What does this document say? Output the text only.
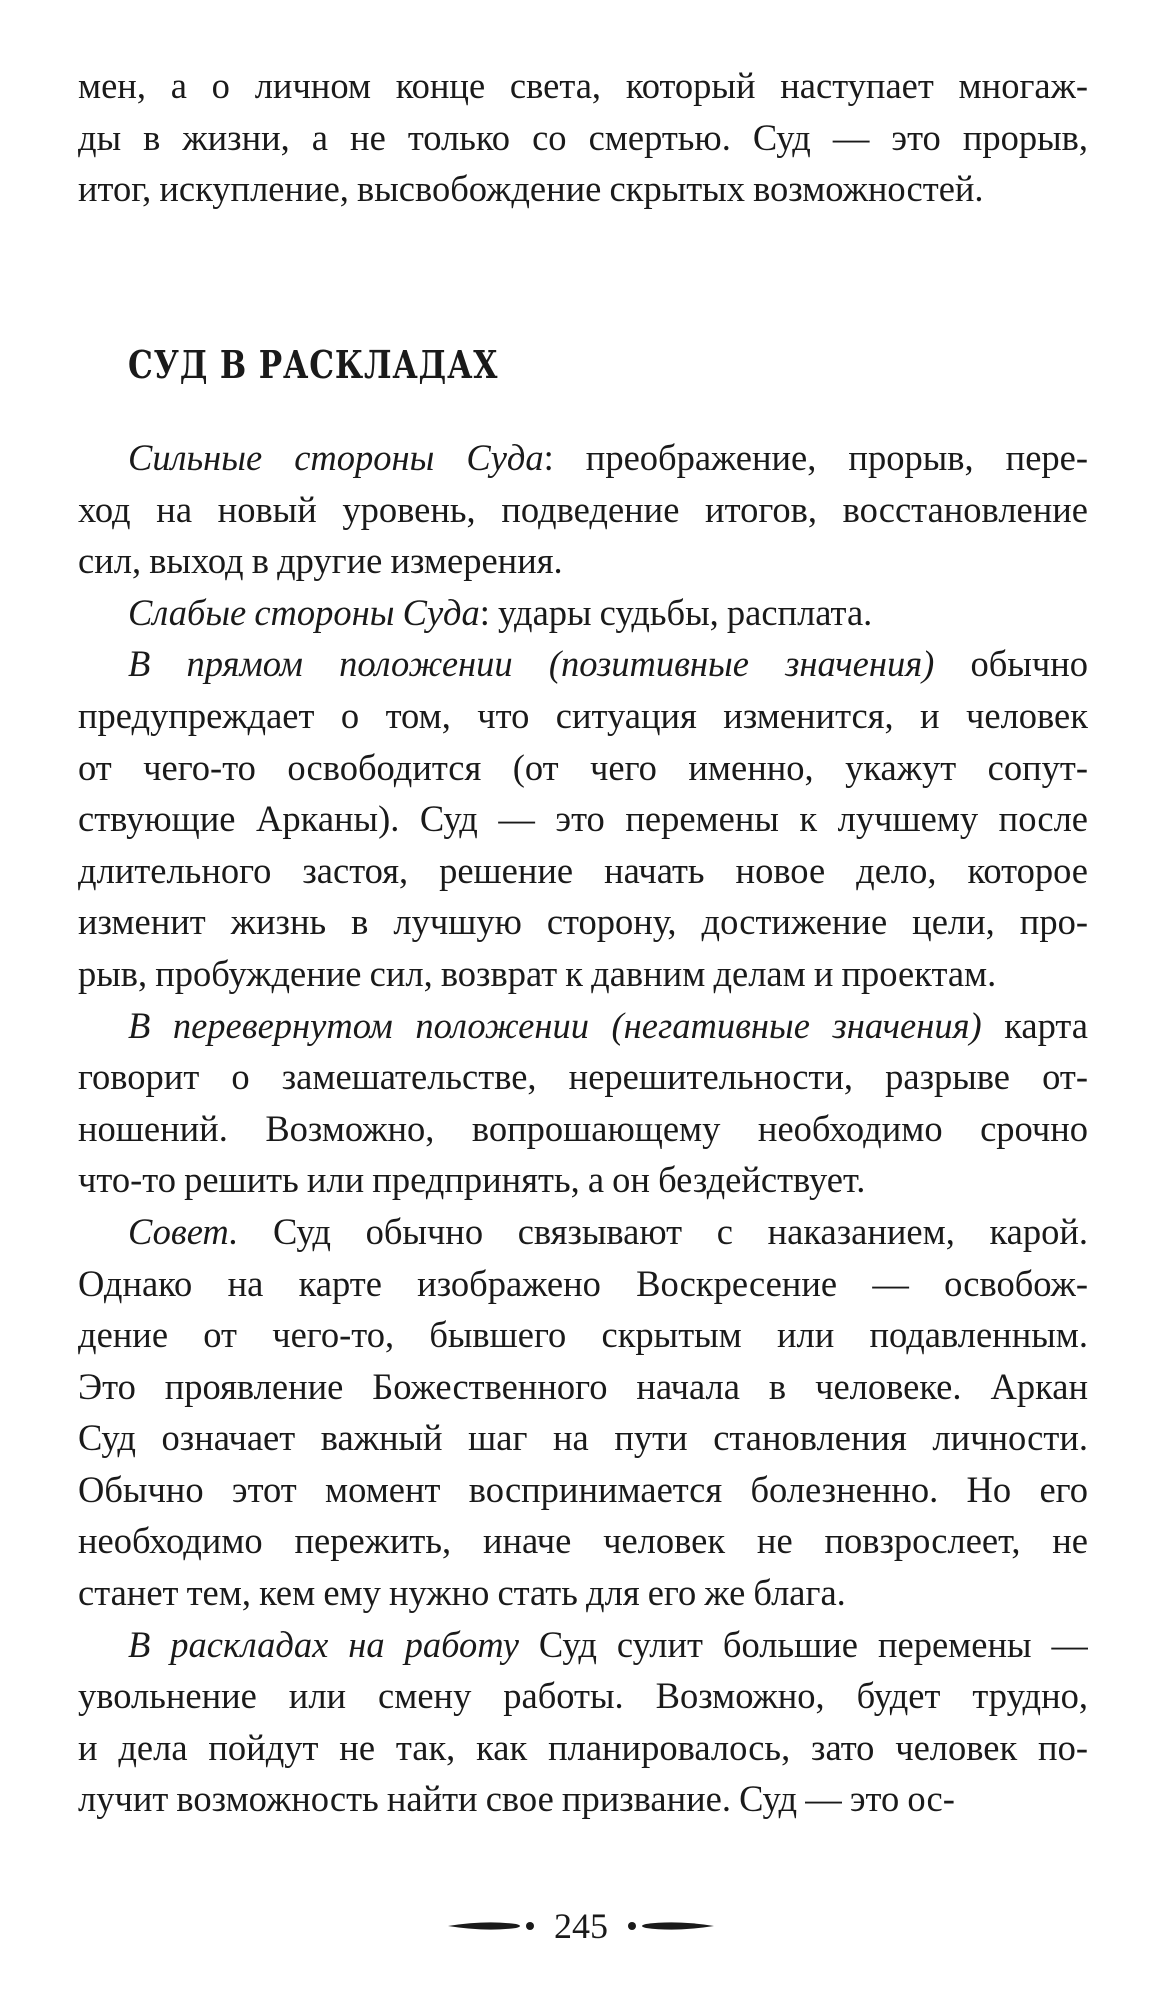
мен, а о личном конце света, который наступает многаж-
ды в жизни, а не только со смертью. Суд — это прорыв,
итог, искупление, высвобождение скрытых возможностей.
СУД В РАСКЛАДАХ
Сильные стороны Суда: преображение, прорыв, пере-
ход на новый уровень, подведение итогов, восстановление
сил, выход в другие измерения.
Слабые стороны Суда: удары судьбы, расплата.
В прямом положении (позитивные значения) обычно
предупреждает о том, что ситуация изменится, и человек
от чего-то освободится (от чего именно, укажут сопут-
ствующие Арканы). Суд — это перемены к лучшему после
длительного застоя, решение начать новое дело, которое
изменит жизнь в лучшую сторону, достижение цели, про-
рыв, пробуждение сил, возврат к давним делам и проектам.
В перевернутом положении (негативные значения) карта
говорит о замешательстве, нерешительности, разрыве от-
ношений. Возможно, вопрошающему необходимо срочно
что-то решить или предпринять, а он бездействует.
Совет. Суд обычно связывают с наказанием, карой.
Однако на карте изображено Воскресение — освобож-
дение от чего-то, бывшего скрытым или подавленным.
Это проявление Божественного начала в человеке. Аркан
Суд означает важный шаг на пути становления личности.
Обычно этот момент воспринимается болезненно. Но его
необходимо пережить, иначе человек не повзрослеет, не
станет тем, кем ему нужно стать для его же блага.
В раскладах на работу Суд сулит большие перемены —
увольнение или смену работы. Возможно, будет трудно,
и дела пойдут не так, как планировалось, зато человек по-
лучит возможность найти свое призвание. Суд — это ос-
245
